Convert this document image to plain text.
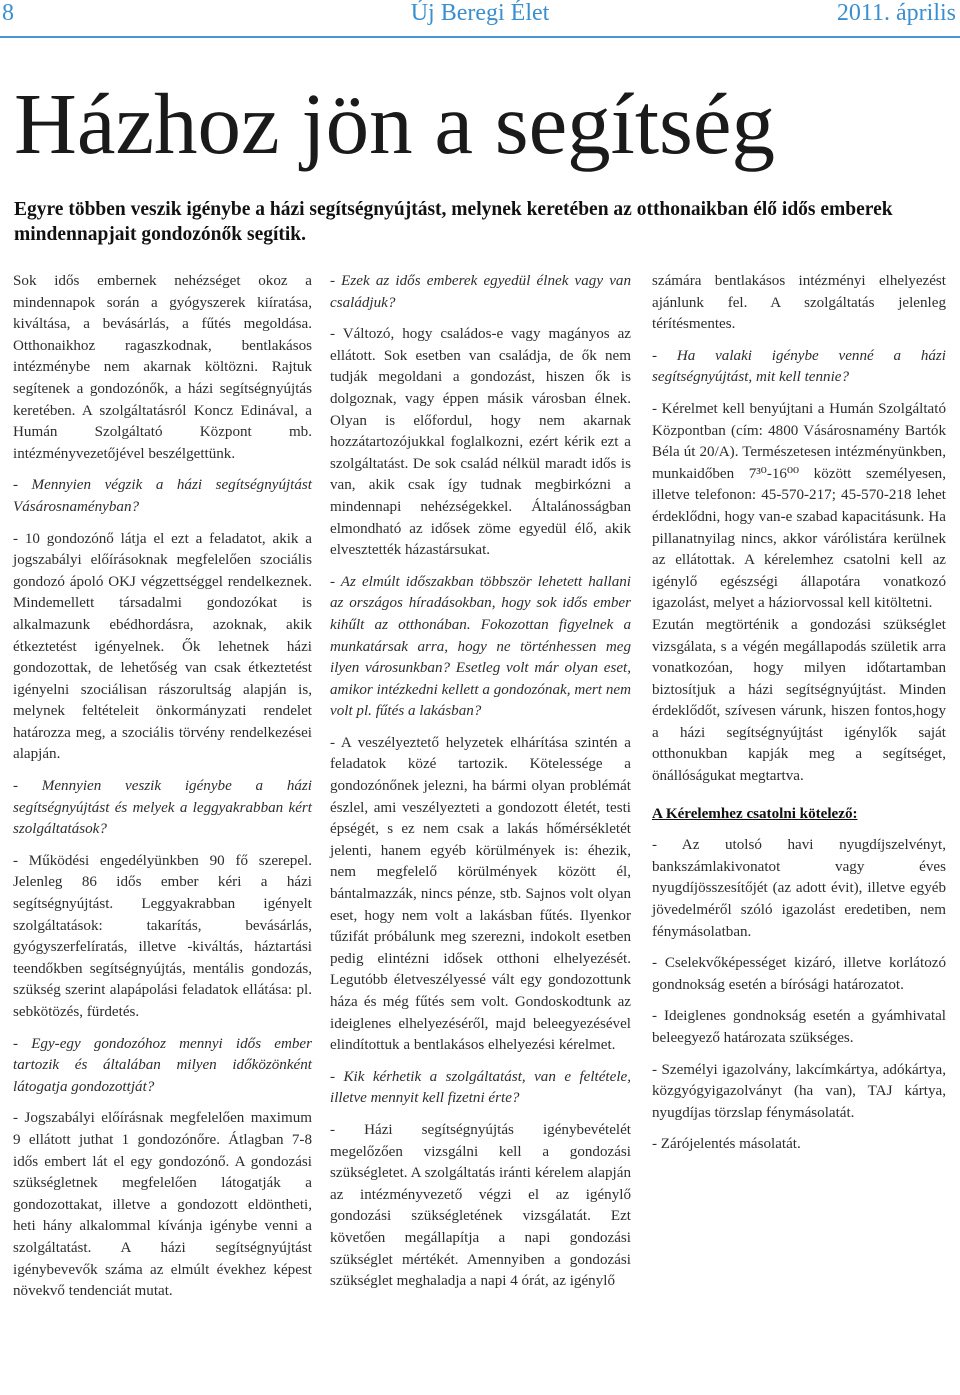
Új Beregi Élet
8	2011. április
Házhoz jön a segítség

Egyre többen veszik igénybe a házi segítségnyújtást, melynek keretében az otthonaikban élő idős emberek mindennapjait gondozónők segítik.

Sok idős embernek nehézséget okoz a mindennapok során a gyógyszerek kiíratása, kiváltása, a bevásárlás, a fűtés megoldása. Otthonaikhoz ragaszkodnak, bentlakásos intézménybe nem akarnak költözni. Rajtuk segítenek a gondozónők, a házi segítségnyújtás keretében. A szolgáltatásról Koncz Edinával, a Humán Szolgáltató Központ mb. intézményvezetőjével beszélgettünk.

- Mennyien végzik a házi segítségnyújtást Vásárosnaményban?

- 10 gondozónő látja el ezt a feladatot, akik a jogszabályi előírásoknak megfelelően szociális gondozó ápoló OKJ végzettséggel rendelkeznek. Mindemellett társadalmi gondozókat is alkalmazunk ebédhordásra, azoknak, akik étkeztetést igényelnek. Ők lehetnek házi gondozottak, de lehetőség van csak étkeztetést igényelni szociálisan rászorultság alapján is, melynek feltételeit önkormányzati rendelet határozza meg, a szociális törvény rendelkezései alapján.

- Mennyien veszik igénybe a házi segítségnyújtást és melyek a leggyakrabban kért szolgáltatások?

- Működési engedélyünkben 90 fő szerepel. Jelenleg 86 idős ember kéri a házi segítségnyújtást. Leggyakrabban igényelt szolgáltatások: takarítás, bevásárlás, gyógyszerfelíratás, illetve -kiváltás, háztartási teendőkben segítségnyújtás, mentális gondozás, szükség szerint alapápolási feladatok ellátása: pl. sebkötözés, fürdetés.

- Egy-egy gondozóhoz mennyi idős ember tartozik és általában milyen időközönként látogatja gondozottját?

- Jogszabályi előírásnak megfelelően maximum 9 ellátott juthat 1 gondozónőre. Átlagban 7-8 idős embert lát el egy gondozónő. A gondozási szükségletnek megfelelően látogatják a gondozottakat, illetve a gondozott eldöntheti, heti hány alkalommal kívánja igénybe venni a szolgáltatást. A házi segítségnyújtást igénybevevők száma az elmúlt évekhez képest növekvő tendenciát mutat.

- Ezek az idős emberek egyedül élnek vagy van családjuk?

- Változó, hogy családos-e vagy magányos az ellátott. Sok esetben van családja, de ők nem tudják megoldani a gondozást, hiszen ők is dolgoznak, vagy éppen másik városban élnek. Olyan is előfordul, hogy nem akarnak hozzátartozójukkal foglalkozni, ezért kérik ezt a szolgáltatást. De sok család nélkül maradt idős is van, akik csak így tudnak megbirkózni a mindennapi nehézségekkel. Általánosságban elmondható az idősek zöme egyedül élő, akik elvesztették házastársukat.

- Az elmúlt időszakban többször lehetett hallani az országos híradásokban, hogy sok idős ember kihűlt az otthonában. Fokozottan figyelnek a munkatársak arra, hogy ne történhessen meg ilyen városunkban? Esetleg volt már olyan eset, amikor intézkedni kellett a gondozónak, mert nem volt pl. fűtés a lakásban?

- A veszélyeztető helyzetek elhárítása szintén a feladatok közé tartozik. Kötelessége a gondozónőnek jelezni, ha bármi olyan problémát észlel, ami veszélyezteti a gondozott életét, testi épségét, s ez nem csak a lakás hőmérsékletét jelenti, hanem egyéb körülmények is: éhezik, nem megfelelő körülmények között él, bántalmazzák, nincs pénze, stb. Sajnos volt olyan eset, hogy nem volt a lakásban fűtés. Ilyenkor tűzifát próbálunk meg szerezni, indokolt esetben pedig elintézni idősek otthoni elhelyezését. Legutóbb életveszélyessé vált egy gondozottunk háza és még fűtés sem volt. Gondoskodtunk az ideiglenes elhelyezéséről, majd beleegyezésével elindítottuk a bentlakásos elhelyezési kérelmet.

- Kik kérhetik a szolgáltatást, van e feltétele, illetve mennyit kell fizetni érte?

- Házi segítségnyújtás igénybevételét megelőzően vizsgálni kell a gondozási szükségletet. A szolgáltatás iránti kérelem alapján az intézményvezető végzi el az igénylő gondozási szükségletének vizsgálatát. Ezt követően megállapítja a napi gondozási szükséglet mértékét. Amennyiben a gondozási szükséglet meghaladja a napi 4 órát, az igénylő

számára bentlakásos intézményi elhelyezést ajánlunk fel. A szolgáltatás jelenleg térítésmentes.

- Ha valaki igénybe venné a házi segítségnyújtást, mit kell tennie?

- Kérelmet kell benyújtani a Humán Szolgáltató Központban (cím: 4800 Vásárosnamény Bartók Béla út 20/A). Természetesen intézményünkben, munkaidőben 7³⁰-16⁰⁰ között személyesen, illetve telefonon: 45-570-217; 45-570-218 lehet érdeklődni, hogy van-e szabad kapacitásunk. Ha pillanatnyilag nincs, akkor várólistára kerülnek az ellátottak. A kérelemhez csatolni kell az igénylő egészségi állapotára vonatkozó igazolást, melyet a háziorvossal kell kitöltetni.

Ezután megtörténik a gondozási szükséglet vizsgálata, s a végén megállapodás születik arra vonatkozóan, hogy milyen időtartamban biztosítjuk a házi segítségnyújtást. Minden érdeklődőt, szívesen várunk, hiszen fontos,hogy a házi segítségnyújtást igénylők saját otthonukban kapják meg a segítséget, önállóságukat megtartva.

A Kérelemhez csatolni kötelező:

- Az utolsó havi nyugdíjszelvényt, bankszámlakivonatot vagy éves nyugdíjösszesítőjét (az adott évit), illetve egyéb jövedelméről szóló igazolást eredetiben, nem fénymásolatban.

- Cselekvőképességet kizáró, illetve korlátozó gondnokság esetén a bírósági határozatot.

- Ideiglenes gondnokság esetén a gyámhivatal beleegyező határozata szükséges.

- Személyi igazolvány, lakcímkártya, adókártya, közgyógyigazolványt (ha van), TAJ kártya, nyugdíjas törzslap fénymásolatát.

- Zárójelentés másolatát.
